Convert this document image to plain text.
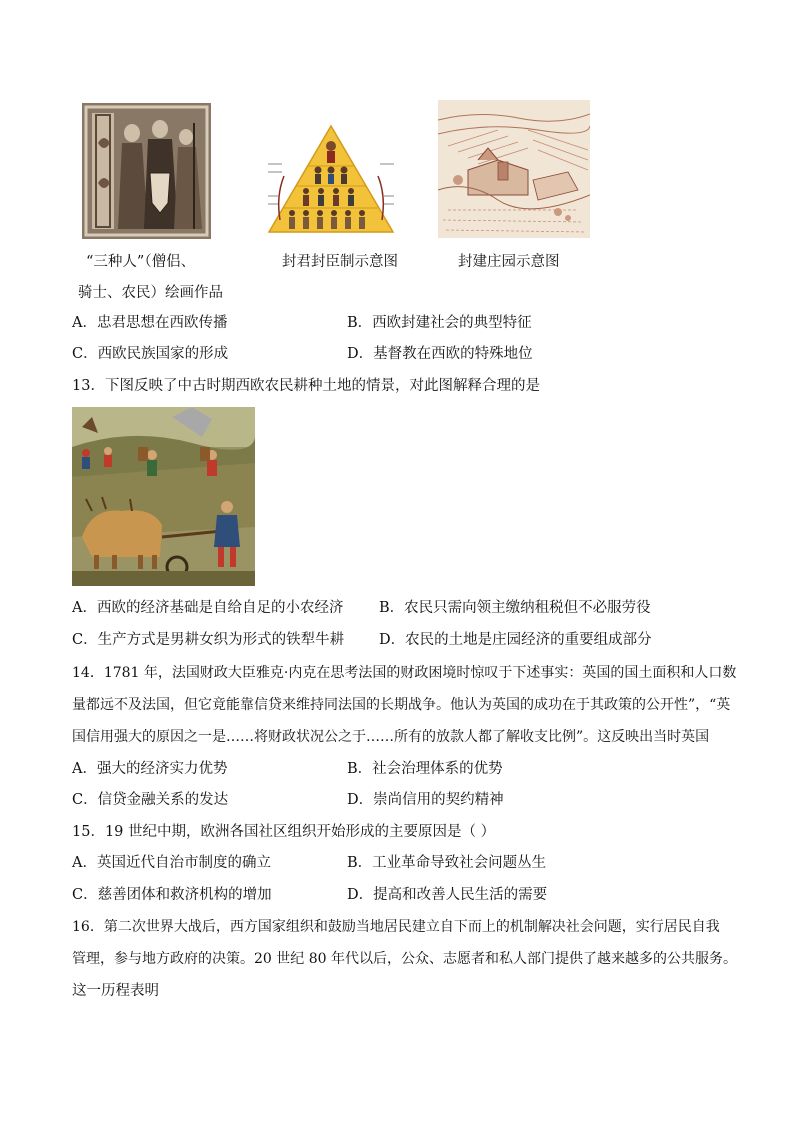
“三种人”（僧侣、
骑士、农民）绘画作品
封君封臣制示意图	封建庄园示意图
A．忠君思想在西欧传播	B．西欧封建社会的典型特征
C．西欧民族国家的形成	D．基督教在西欧的特殊地位
13．下图反映了中古时期西欧农民耕种土地的情景，对此图解释合理的是
A．西欧的经济基础是自给自足的小农经济 B．农民只需向领主缴纳租税但不必服劳役
C．生产方式是男耕女织为形式的铁犁牛耕 D．农民的土地是庄园经济的重要组成部分
14．1781 年，法国财政大臣雅克·内克在思考法国的财政困境时惊叹于下述事实：英国的国土面积和人口数
量都远不及法国，但它竟能靠信贷来维持同法国的长期战争。他认为英国的成功在于其政策的公开性”，“英
国信用强大的原因之一是……将财政状况公之于……所有的放款人都了解收支比例”。这反映出当时英国
A．强大的经济实力优势	B．社会治理体系的优势
C．信贷金融关系的发达	D．崇尚信用的契约精神
15．19 世纪中期，欧洲各国社区组织开始形成的主要原因是（ ）
A．英国近代自治市制度的确立	B．工业革命导致社会问题丛生
C．慈善团体和救济机构的增加	D．提高和改善人民生活的需要
16．第二次世界大战后，西方国家组织和鼓励当地居民建立自下而上的机制解决社会问题，实行居民自我
管理，参与地方政府的决策。20 世纪 80 年代以后，公众、志愿者和私人部门提供了越来越多的公共服务。
这一历程表明
